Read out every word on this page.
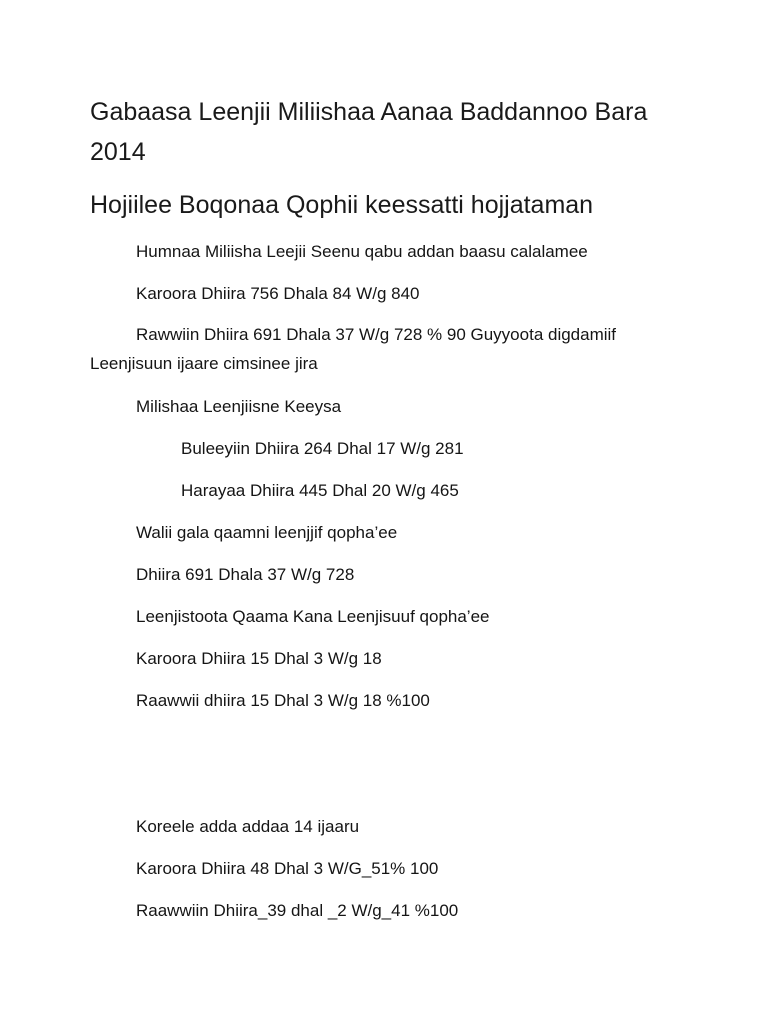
Gabaasa Leenjii Miliishaa Aanaa Baddannoo Bara
2014
Hojiilee Boqonaa Qophii keessatti hojjataman

Humnaa Miliisha Leejii Seenu qabu addan baasu calalamee

Karoora Dhiira 756 Dhala 84 W/g 840

Rawwiin Dhiira 691 Dhala 37 W/g 728 % 90 Guyyoota digdamiif Leenjisuun ijaare cimsinee jira

Milishaa Leenjiisne Keeysa

Buleeyiin Dhiira 264 Dhal 17 W/g 281

Harayaa Dhiira 445 Dhal 20 W/g 465

Walii gala qaamni leenjjif qopha’ee

Dhiira 691 Dhala 37 W/g 728

Leenjistoota Qaama Kana Leenjisuuf qopha’ee

Karoora Dhiira 15 Dhal 3 W/g 18

Raawwii dhiira 15 Dhal 3 W/g 18 %100

Koreele adda addaa 14 ijaaru

Karoora Dhiira 48 Dhal 3 W/G_51% 100

Raawwiin Dhiira_39 dhal _2 W/g_41 %100
